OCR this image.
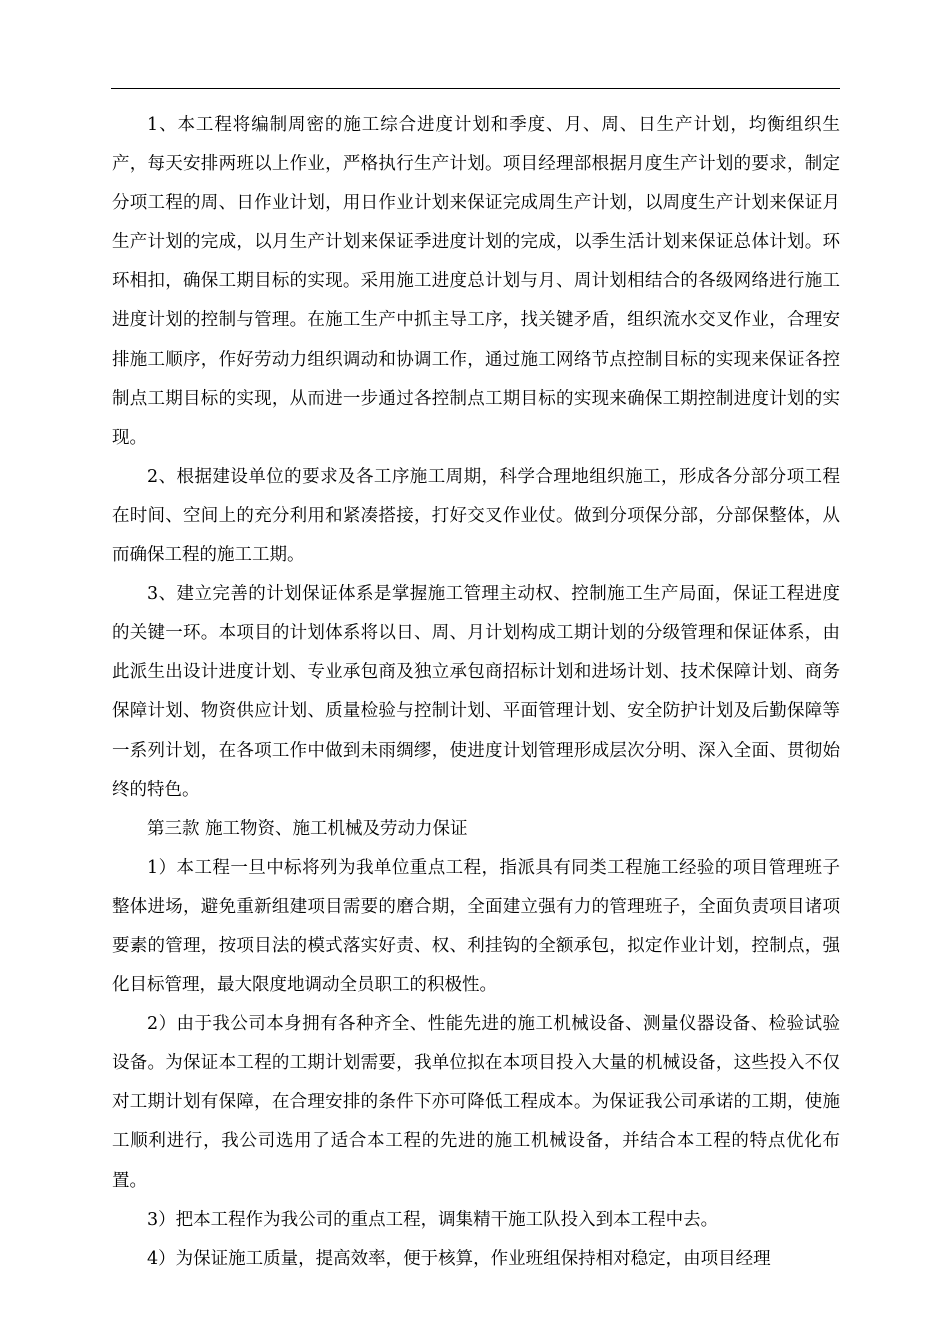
1、本工程将编制周密的施工综合进度计划和季度、月、周、日生产计划，均衡组织生产，每天安排两班以上作业，严格执行生产计划。项目经理部根据月度生产计划的要求，制定分项工程的周、日作业计划，用日作业计划来保证完成周生产计划，以周度生产计划来保证月生产计划的完成，以月生产计划来保证季进度计划的完成，以季生活计划来保证总体计划。环环相扣，确保工期目标的实现。采用施工进度总计划与月、周计划相结合的各级网络进行施工进度计划的控制与管理。在施工生产中抓主导工序，找关键矛盾，组织流水交叉作业，合理安排施工顺序，作好劳动力组织调动和协调工作，通过施工网络节点控制目标的实现来保证各控制点工期目标的实现，从而进一步通过各控制点工期目标的实现来确保工期控制进度计划的实现。

2、根据建设单位的要求及各工序施工周期，科学合理地组织施工，形成各分部分项工程在时间、空间上的充分利用和紧凑搭接，打好交叉作业仗。做到分项保分部，分部保整体，从而确保工程的施工工期。

3、建立完善的计划保证体系是掌握施工管理主动权、控制施工生产局面，保证工程进度的关键一环。本项目的计划体系将以日、周、月计划构成工期计划的分级管理和保证体系，由此派生出设计进度计划、专业承包商及独立承包商招标计划和进场计划、技术保障计划、商务保障计划、物资供应计划、质量检验与控制计划、平面管理计划、安全防护计划及后勤保障等一系列计划，在各项工作中做到未雨绸缪，使进度计划管理形成层次分明、深入全面、贯彻始终的特色。

第三款 施工物资、施工机械及劳动力保证

1）本工程一旦中标将列为我单位重点工程，指派具有同类工程施工经验的项目管理班子整体进场，避免重新组建项目需要的磨合期，全面建立强有力的管理班子，全面负责项目诸项要素的管理，按项目法的模式落实好责、权、利挂钩的全额承包，拟定作业计划，控制点，强化目标管理，最大限度地调动全员职工的积极性。

2）由于我公司本身拥有各种齐全、性能先进的施工机械设备、测量仪器设备、检验试验设备。为保证本工程的工期计划需要，我单位拟在本项目投入大量的机械设备，这些投入不仅对工期计划有保障，在合理安排的条件下亦可降低工程成本。为保证我公司承诺的工期，使施工顺利进行，我公司选用了适合本工程的先进的施工机械设备，并结合本工程的特点优化布置。

3）把本工程作为我公司的重点工程，调集精干施工队投入到本工程中去。

4）为保证施工质量，提高效率，便于核算，作业班组保持相对稳定，由项目经理
